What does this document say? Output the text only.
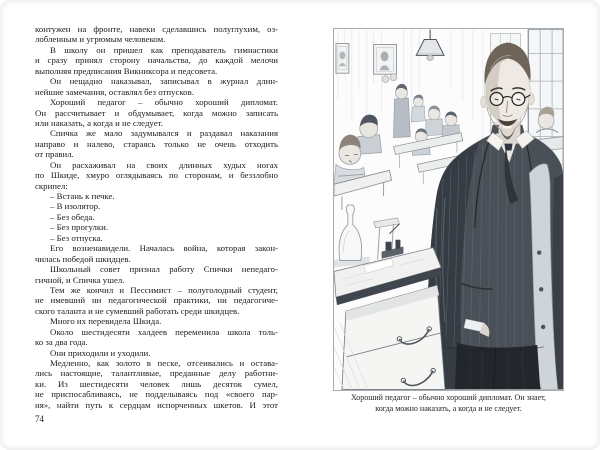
контужен на фронте, навеки сделавшись полуглухим, оз-
лобленным и угрюмым человеком.
В школу он пришел как преподаватель гимнастики
и сразу принял сторону начальства, до каждой мелочи
выполняя предписания Викниксора и педсовета.
Он нещадно наказывал, записывал в журнал длин-
нейшие замечания, оставлял без отпусков.
Хороший педагог – обычно хороший дипломат.
Он рассчитывает и обдумывает, когда можно записать
или наказать, а когда и не следует.
Спичка же мало задумывался и раздавал наказания
направо и налево, стараясь только не очень отходить
от правил.
Он расхаживал на своих длинных худых ногах
по Шкиде, хмуро оглядываясь по сторонам, и беззлобно
скрипел:
– Встань к печке.
– В изолятор.
– Без обеда.
– Без прогулки.
– Без отпуска.
Его возненавидели. Началась война, которая закон-
чилась победой шкидцев.
Школьный совет признал работу Спички непедаго-
гичной, и Спичка ушел.
Тем же кончил и Пессимист – полуголодный студент,
не имевший ни педагогической практики, ни педагогиче-
ского таланта и не сумевший работать среди шкидцев.
Много их перевидела Шкида.
Около шестидесяти халдеев переменила школа толь-
ко за два года.
Они приходили и уходили.
Медленно, как золото в песке, отсеивались и остава-
лись настоящие, талантливые, преданные делу работни-
ки. Из шестидесяти человек лишь десяток сумел,
не приспосабливаясь, не подделываясь под «своего пар-
ня», найти путь к сердцам испорченных шкетов. И этот
74
Хороший педагог – обычно хороший дипломат. Он знает,
когда можно наказать, а когда и не следует.
